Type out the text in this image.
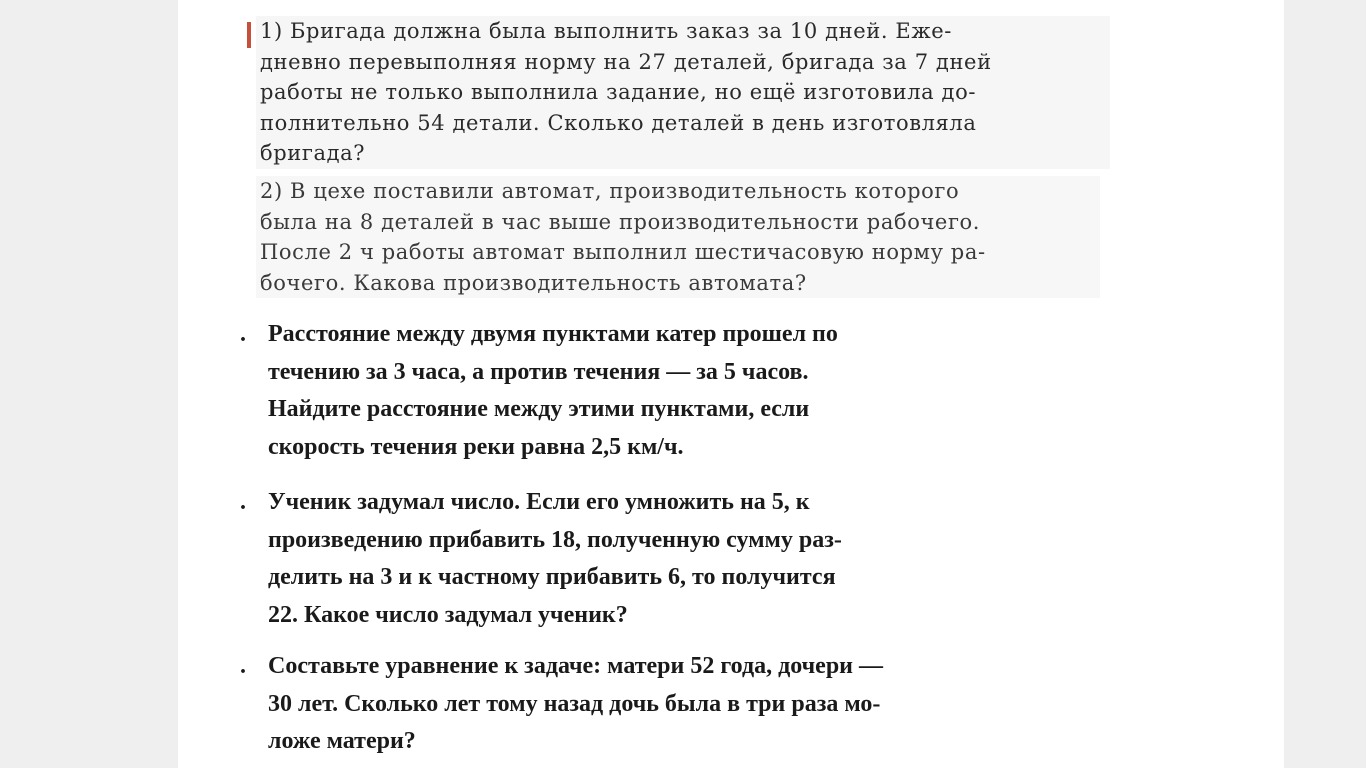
1) Бригада должна была выполнить заказ за 10 дней. Еже-
дневно перевыполняя норму на 27 деталей, бригада за 7 дней
работы не только выполнила задание, но ещё изготовила до-
полнительно 54 детали. Сколько деталей в день изготовляла
бригада?
2) В цехе поставили автомат, производительность которого
была на 8 деталей в час выше производительности рабочего.
После 2 ч работы автомат выполнил шестичасовую норму ра-
бочего. Какова производительность автомата?
. Расстояние между двумя пунктами катер прошел по
течению за 3 часа, а против течения — за 5 часов.
Найдите расстояние между этими пунктами, если
скорость течения реки равна 2,5 км/ч.
. Ученик задумал число. Если его умножить на 5, к
произведению прибавить 18, полученную сумму раз-
делить на 3 и к частному прибавить 6, то получится
22. Какое число задумал ученик?
. Составьте уравнение к задаче: матери 52 года, дочери —
30 лет. Сколько лет тому назад дочь была в три раза мо-
ложе матери?
